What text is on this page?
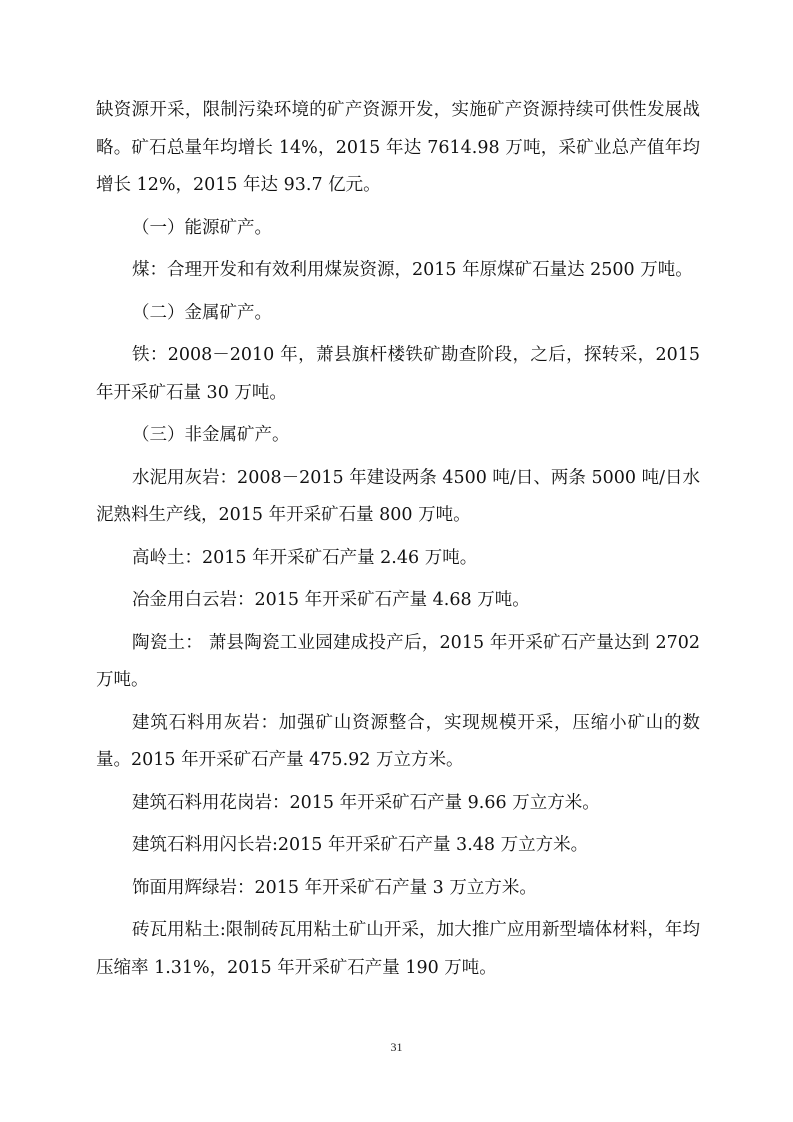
缺资源开采，限制污染环境的矿产资源开发，实施矿产资源持续可供性发展战略。矿石总量年均增长 14%，2015 年达 7614.98 万吨，采矿业总产值年均增长 12%，2015 年达 93.7 亿元。

（一）能源矿产。

煤：合理开发和有效利用煤炭资源，2015 年原煤矿石量达 2500 万吨。

（二）金属矿产。

铁：2008－2010 年，萧县旗杆楼铁矿勘查阶段，之后，探转采，2015 年开采矿石量 30 万吨。

（三）非金属矿产。

水泥用灰岩：2008－2015 年建设两条 4500 吨/日、两条 5000 吨/日水泥熟料生产线，2015 年开采矿石量 800 万吨。

高岭土：2015 年开采矿石产量 2.46 万吨。

冶金用白云岩：2015 年开采矿石产量 4.68 万吨。

陶瓷土： 萧县陶瓷工业园建成投产后，2015 年开采矿石产量达到 2702 万吨。

建筑石料用灰岩：加强矿山资源整合，实现规模开采，压缩小矿山的数量。2015 年开采矿石产量 475.92 万立方米。

建筑石料用花岗岩：2015 年开采矿石产量 9.66 万立方米。

建筑石料用闪长岩:2015 年开采矿石产量 3.48 万立方米。

饰面用辉绿岩：2015 年开采矿石产量 3 万立方米。

砖瓦用粘土:限制砖瓦用粘土矿山开采，加大推广应用新型墙体材料，年均压缩率 1.31%，2015 年开采矿石产量 190 万吨。

31
